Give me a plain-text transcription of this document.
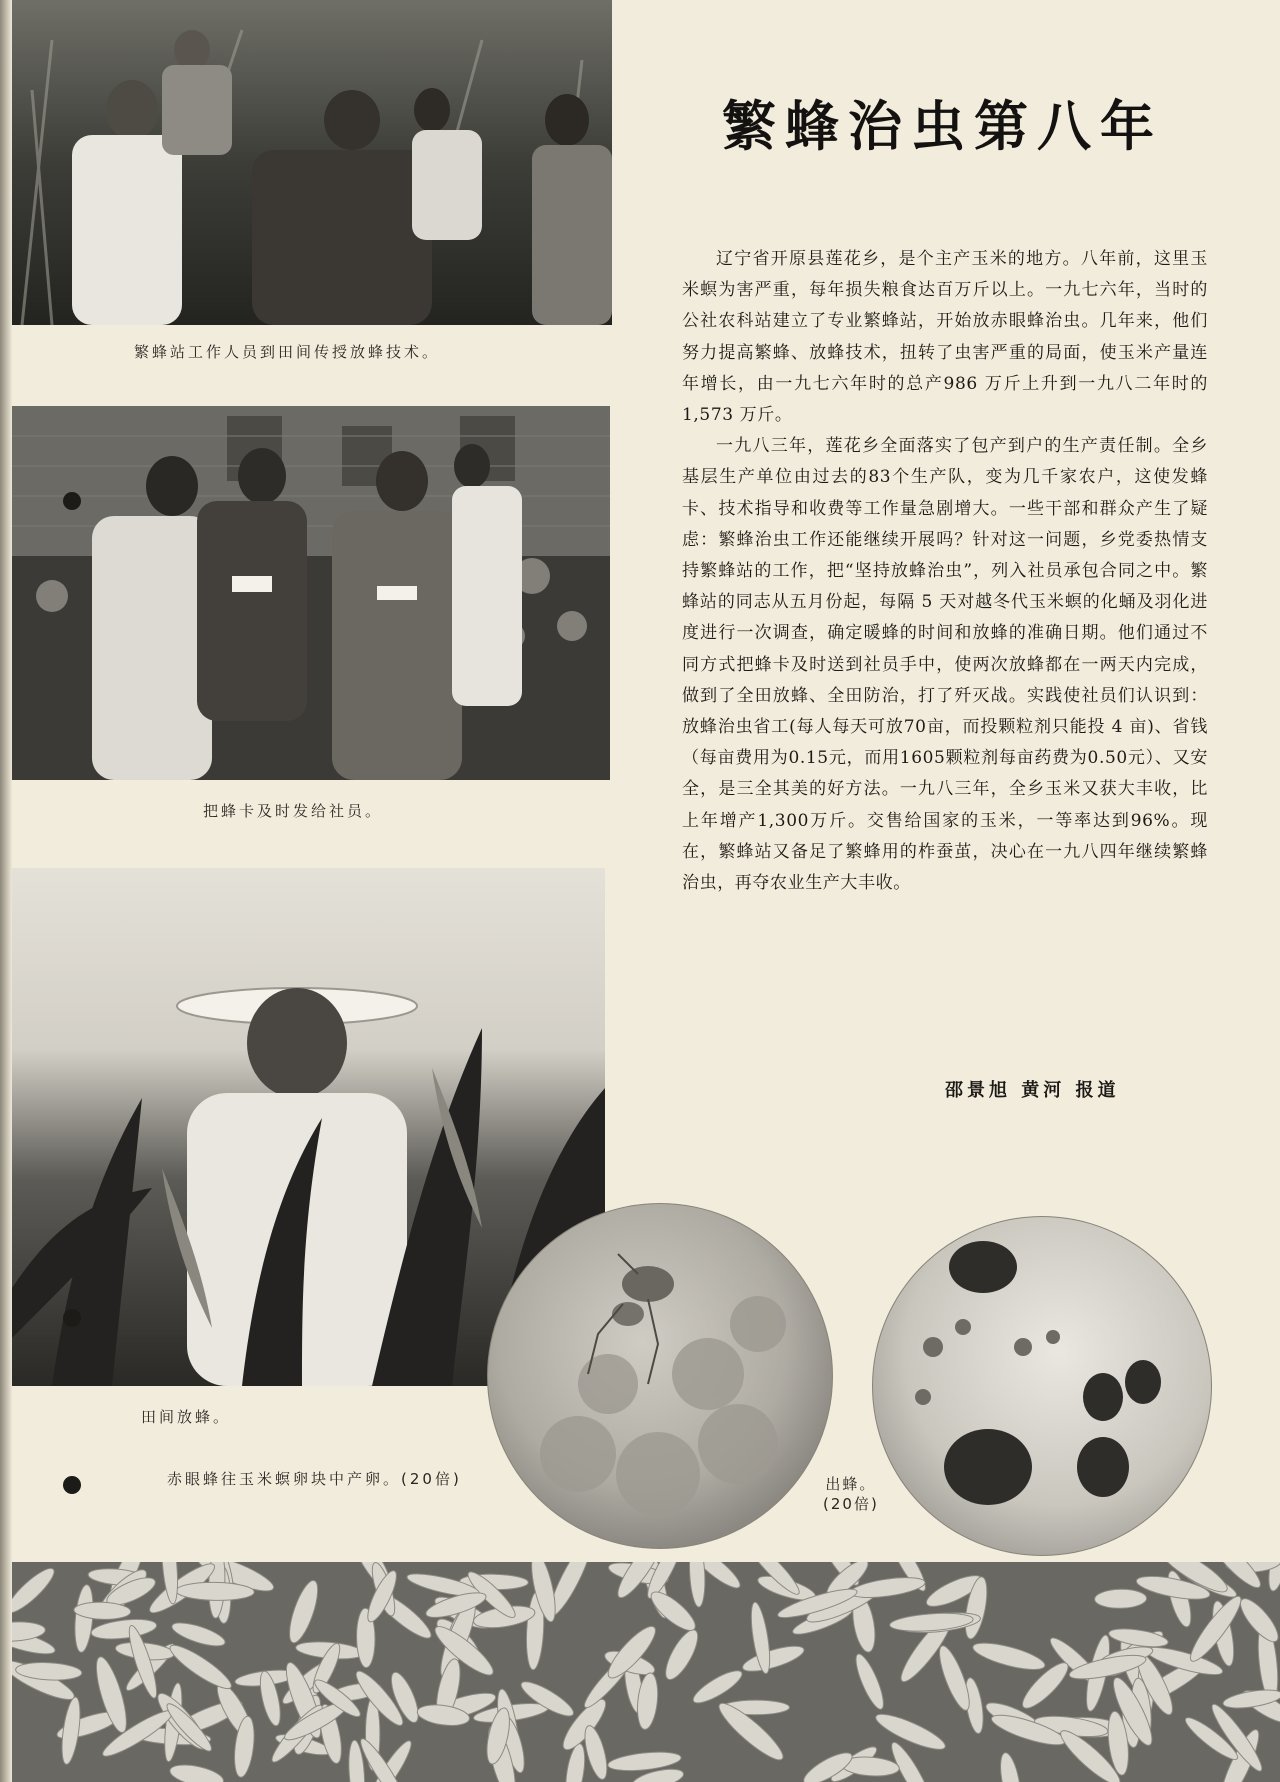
繁蜂站工作人员到田间传授放蜂技术。
把蜂卡及时发给社员。
田间放蜂。
赤眼蜂往玉米螟卵块中产卵。(20倍)	出蜂。
(20倍)
繁蜂治虫第八年

辽宁省开原县莲花乡，是个主产玉米的地方。八年前，这里玉米螟为害严重，每年损失粮食达百万斤以上。一九七六年，当时的公社农科站建立了专业繁蜂站，开始放赤眼蜂治虫。几年来，他们努力提高繁蜂、放蜂技术，扭转了虫害严重的局面，使玉米产量连年增长，由一九七六年时的总产986 万斤上升到一九八二年时的1,573 万斤。

一九八三年，莲花乡全面落实了包产到户的生产责任制。全乡基层生产单位由过去的83个生产队，变为几千家农户，这使发蜂卡、技术指导和收费等工作量急剧增大。一些干部和群众产生了疑虑：繁蜂治虫工作还能继续开展吗？针对这一问题，乡党委热情支持繁蜂站的工作，把“坚持放蜂治虫”，列入社员承包合同之中。繁蜂站的同志从五月份起，每隔 5 天对越冬代玉米螟的化蛹及羽化进度进行一次调查，确定暖蜂的时间和放蜂的准确日期。他们通过不同方式把蜂卡及时送到社员手中，使两次放蜂都在一两天内完成，做到了全田放蜂、全田防治，打了歼灭战。实践使社员们认识到：放蜂治虫省工(每人每天可放70亩，而投颗粒剂只能投 4 亩)、省钱（每亩费用为0.15元，而用1605颗粒剂每亩药费为0.50元）、又安全，是三全其美的好方法。一九八三年，全乡玉米又获大丰收，比上年增产1,300万斤。交售给国家的玉米，一等率达到96%。现在，繁蜂站又备足了繁蜂用的柞蚕茧，决心在一九八四年继续繁蜂治虫，再夺农业生产大丰收。

邵景旭 黄河 报道
